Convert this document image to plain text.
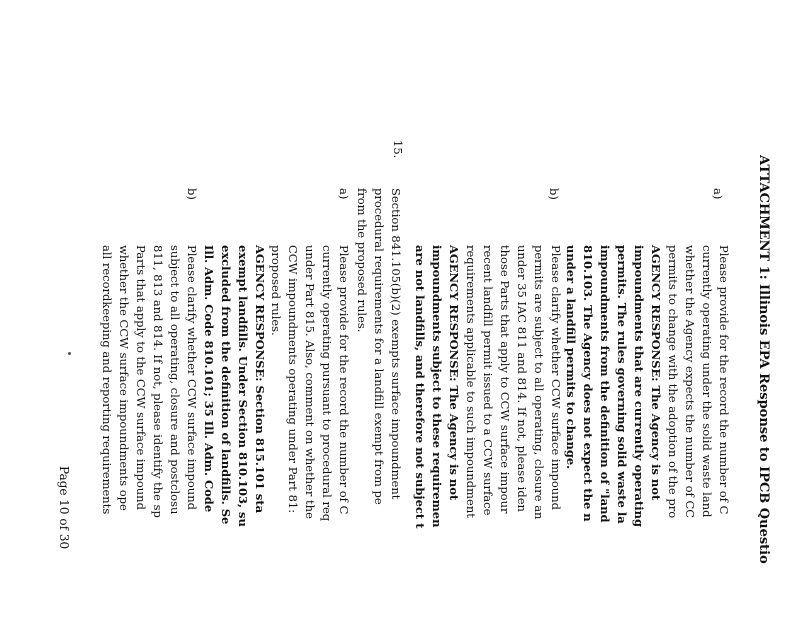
ATTACHMENT 1: Illinois EPA Response to IPCB Questio
a)
Please provide for the record the number of C
currently operating under the solid waste land
whether the Agency expects the number of CC
permits to change with the adoption of the pro
AGENCY RESPONSE: The Agency is not
impoundments that are currently operating
permits. The rules governing solid waste la
impoundments from the definition of "land
810.103. The Agency does not expect the n
under a landfill permits to change.
b)
Please clarify whether CCW surface impound
permits are subject to all operating, closure an
under 35 IAC 811 and 814. If not, please iden
those Parts that apply to CCW surface impour
recent landfill permit issued to a CCW surface
requirements applicable to such impoundment
AGENCY RESPONSE: The Agency is not
impoundments subject to these requiremen
are not landfills, and therefore not subject t
15.
Section 841.105(b)(2) exempts surface impoundment
procedural requirements for a landfill exempt from pe
from the proposed rules.
a)
Please provide for the record the number of C
currently operating pursuant to procedural req
under Part 815. Also, comment on whether the
CCW impoundments operating under Part 81:
proposed rules.
AGENCY RESPONSE: Section 815.101 sta
exempt landfills. Under Section 810.103, su
excluded from the definition of landfills. Se
Ill. Adm. Code 810.101; 35 Ill. Adm. Code
b)
Please clarify whether CCW surface impound
subject to all operating, closure and postclosu
811, 813 and 814. If not, please identify the sp
Parts that apply to the CCW surface impound
whether the CCW surface impoundments ope
all recordkeeping and reporting requirements
Page 10 of 30
